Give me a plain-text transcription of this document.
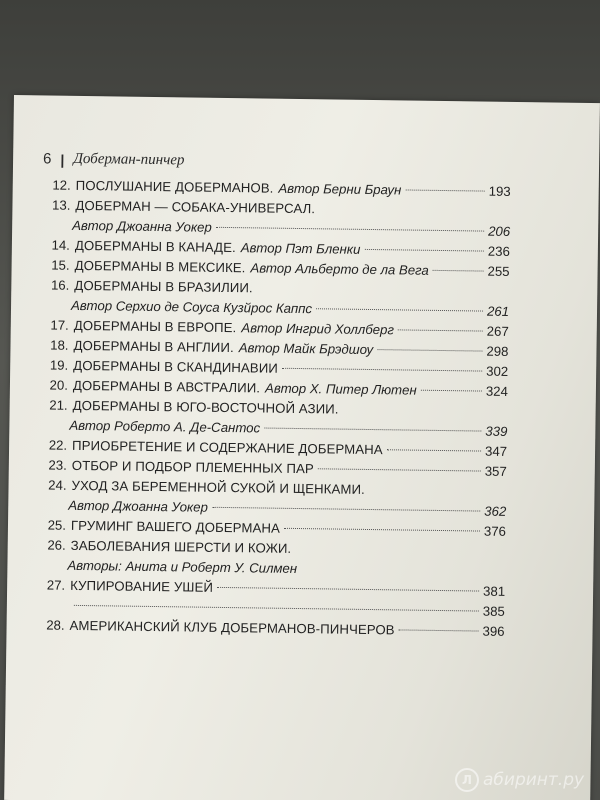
6 | Доберман-пинчер
12. ПОСЛУШАНИЕ ДОБЕРМАНОВ. Автор Берни Браун	193
13. ДОБЕРМАН — СОБАКА-УНИВЕРСАЛ.
Автор Джоанна Уокер	206
14. ДОБЕРМАНЫ В КАНАДЕ. Автор Пэт Бленки	236
15. ДОБЕРМАНЫ В МЕКСИКЕ. Автор Альберто де ла Вега	255
16. ДОБЕРМАНЫ В БРАЗИЛИИ.
Автор Серхио де Соуса Кузйрос Каппс	261
17. ДОБЕРМАНЫ В ЕВРОПЕ. Автор Ингрид Холлберг	267
18. ДОБЕРМАНЫ В АНГЛИИ. Автор Майк Брэдшоу	298
19. ДОБЕРМАНЫ В СКАНДИНАВИИ	302
20. ДОБЕРМАНЫ В АВСТРАЛИИ. Автор Х. Питер Лютен	324
21. ДОБЕРМАНЫ В ЮГО-ВОСТОЧНОЙ АЗИИ.
Автор Роберто А. Де-Сантос	339
22. ПРИОБРЕТЕНИЕ И СОДЕРЖАНИЕ ДОБЕРМАНА	347
23. ОТБОР И ПОДБОР ПЛЕМЕННЫХ ПАР	357
24. УХОД ЗА БЕРЕМЕННОЙ СУКОЙ И ЩЕНКАМИ.
Автор Джоанна Уокер	362
25. ГРУМИНГ ВАШЕГО ДОБЕРМАНА	376
26. ЗАБОЛЕВАНИЯ ШЕРСТИ И КОЖИ.
Авторы: Анита и Роберт У. Силмен
27. КУПИРОВАНИЕ УШЕЙ	381
385
28. АМЕРИКАНСКИЙ КЛУБ ДОБЕРМАНОВ-ПИНЧЕРОВ	396
Л абиринт.ру
